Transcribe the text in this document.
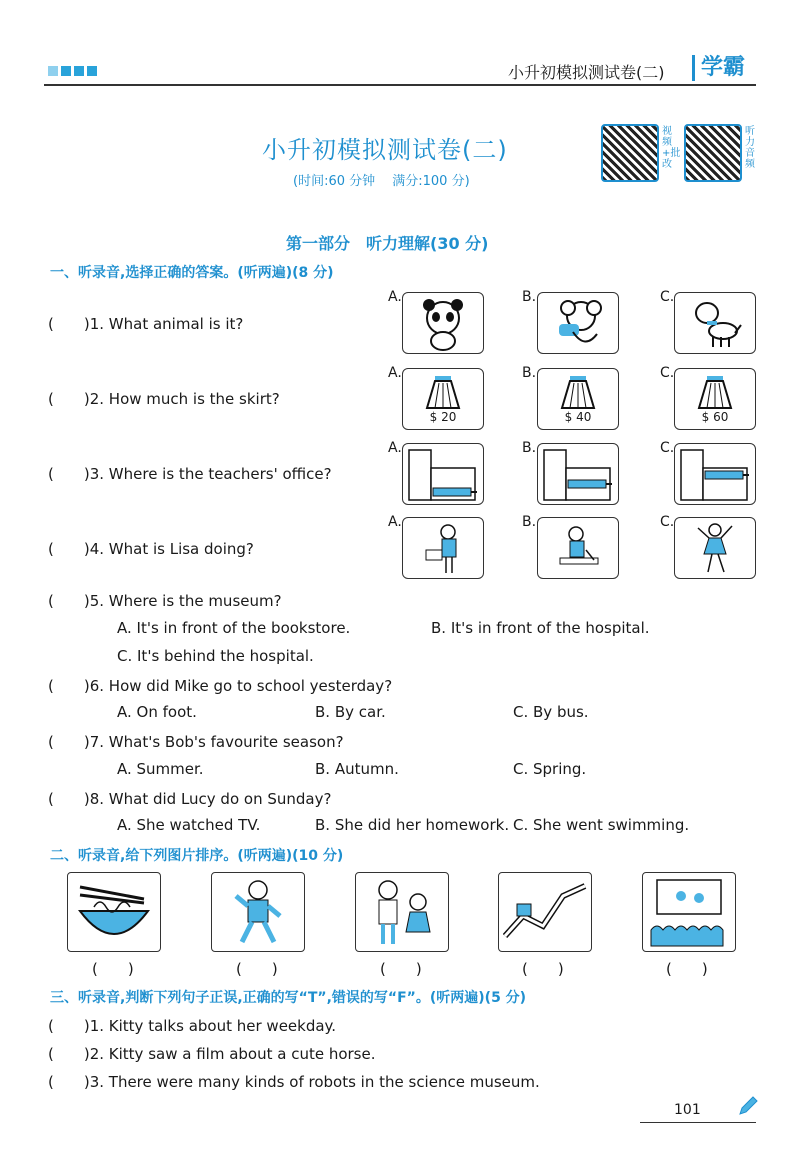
小升初模拟测试卷(二)	学霸
小升初模拟测试卷(二)
(时间:60 分钟　 满分:100 分)
视频+批改
听力音频
第一部分　听力理解(30 分)
一、听录音,选择正确的答案。(听两遍)(8 分)
(　　)1. What animal is it?
A.	B.	C.
(　　)2. How much is the skirt?
A.
$ 20
B.
$ 40
C.
$ 60
(　　)3. Where is the teachers' office?
A.	B.	C.
(　　)4. What is Lisa doing?
A.	B.	C.
(　　)5. Where is the museum?
A. It's in front of the bookstore.	B. It's in front of the hospital.
C. It's behind the hospital.
(　　)6. How did Mike go to school yesterday?
A. On foot.	B. By car.	C. By bus.
(　　)7. What's Bob's favourite season?
A. Summer.	B. Autumn.	C. Spring.
(　　)8. What did Lucy do on Sunday?
A. She watched TV.	B. She did her homework. C. She went swimming.
二、听录音,给下列图片排序。(听两遍)(10 分)
(　　)	(　　)	(　　)	(　　)	(　　)
三、听录音,判断下列句子正误,正确的写“T”,错误的写“F”。(听两遍)(5 分)
(　　)1. Kitty talks about her weekday.
(　　)2. Kitty saw a film about a cute horse.
(　　)3. There were many kinds of robots in the science museum.
101
